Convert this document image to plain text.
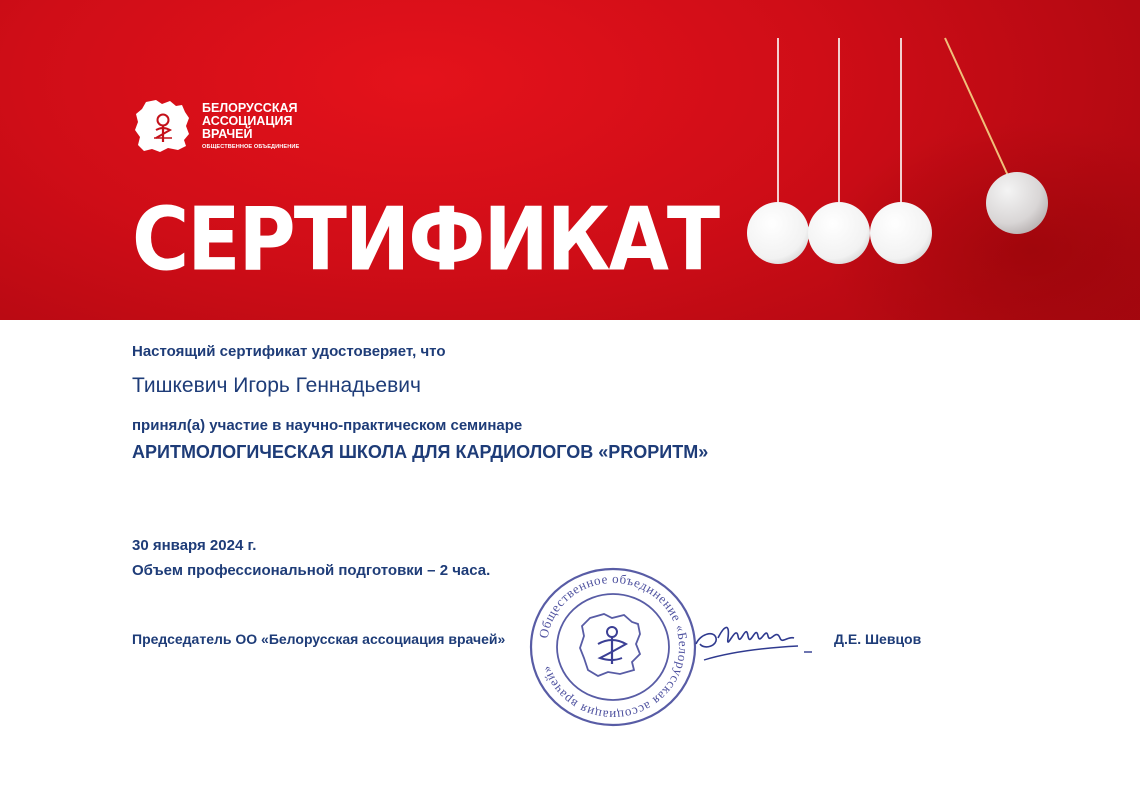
БЕЛОРУССКАЯ
АССОЦИАЦИЯ
ВРАЧЕЙ
ОБЩЕСТВЕННОЕ ОБЪЕДИНЕНИЕ
СЕРТИФИКАТ
Настоящий сертификат удостоверяет, что
Тишкевич Игорь Геннадьевич
принял(а) участие в научно-практическом семинаре
АРИТМОЛОГИЧЕСКАЯ ШКОЛА ДЛЯ КАРДИОЛОГОВ «PROРИТМ»
30 января 2024 г.
Объем профессиональной подготовки – 2 часа.
Председатель ОО «Белорусская ассоциация врачей» Общественное объединение «Белорусская ассоциация врачей»
Д.Е. Шевцов
